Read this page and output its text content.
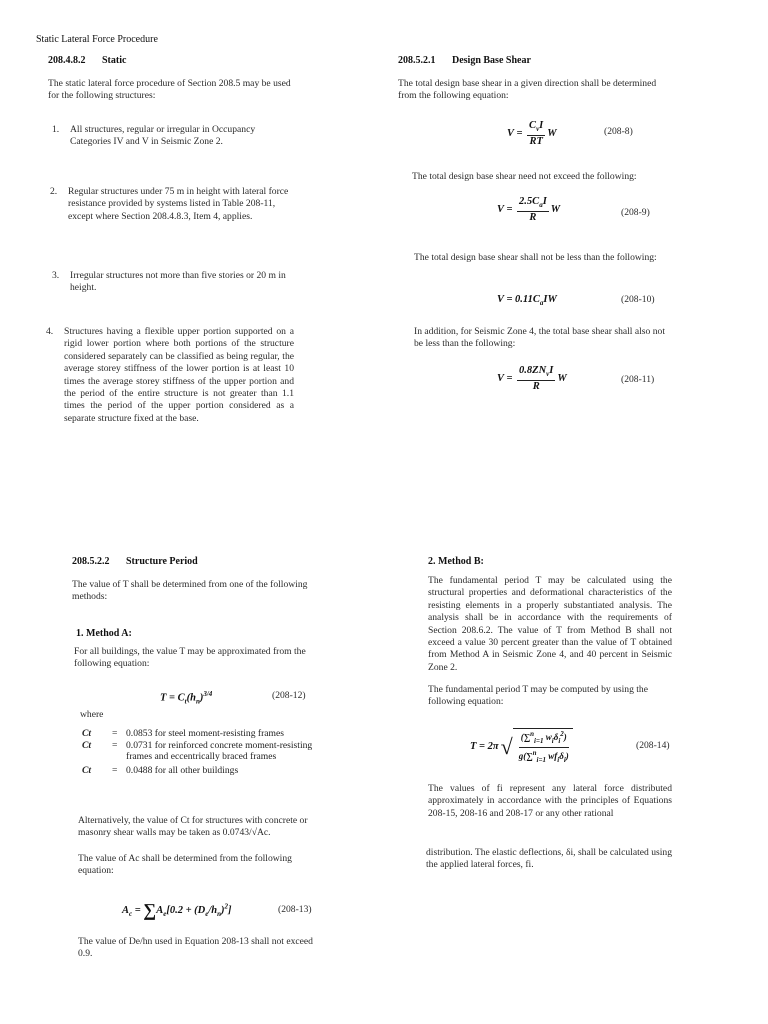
Static Lateral Force Procedure
208.4.8.2 Static
The static lateral force procedure of Section 208.5 may be used for the following structures:
1.	All structures, regular or irregular in Occupancy Categories IV and V in Seismic Zone 2.
2.	Regular structures under 75 m in height with lateral force resistance provided by systems listed in Table 208-11, except where Section 208.4.8.3, Item 4, applies.
3.	Irregular structures not more than five stories or 20 m in height.
4.	Structures having a flexible upper portion supported on a rigid lower portion where both portions of the structure considered separately can be classified as being regular, the average storey stiffness of the lower portion is at least 10 times the average storey stiffness of the upper portion and the period of the entire structure is not greater than 1.1 times the period of the upper portion considered as a separate structure fixed at the base.
208.5.2.1 Design Base Shear
The total design base shear in a given direction shall be determined from the following equation:
$V = \frac{C_vI}{RT}$ W	(208-8)
The total design base shear need not exceed the following:
$V = \frac{2.5C_aI}{R}$ W	(208-9)
The total design base shear shall not be less than the following:
$V = 0.11C_aIW$	(208-10)
In addition, for Seismic Zone 4, the total base shear shall also not be less than the following:
$V = \frac{0.8ZN_vI}{R}$ W	(208-11)
208.5.2.2 Structure Period
The value of T shall be determined from one of the following methods:
1. Method A:
For all buildings, the value T may be approximated from the following equation:
$T = C_t(h_n)^{3/4}$	(208-12)
where
Ct	= 0.0853 for steel moment-resisting frames
Ct	= 0.0731 for reinforced concrete moment-resisting frames and eccentrically braced frames
Ct	= 0.0488 for all other buildings
Alternatively, the value of Ct for structures with concrete or masonry shear walls may be taken as 0.0743/√Ac.
The value of Ac shall be determined from the following equation:
$A_c = \sum A_e[0.2 + (D_e/h_n)^2]$	(208-13)
The value of De/hn used in Equation 208-13 shall not exceed 0.9.
2. Method B:
The fundamental period T may be calculated using the structural properties and deformational characteristics of the resisting elements in a properly substantiated analysis. The analysis shall be in accordance with the requirements of Section 208.6.2. The value of T from Method B shall not exceed a value 30 percent greater than the value of T obtained from Method A in Seismic Zone 4, and 40 percent in Seismic Zone 2.
The fundamental period T may be computed by using the following equation:
T = 2π √ $\frac{(\sum^n_{i=1} w_i\delta_i^2)}{g(\sum^n_{i=1} wf_i\delta_i)}$	(208-14)
The values of fi represent any lateral force distributed approximately in accordance with the principles of Equations 208-15, 208-16 and 208-17 or any other rational
distribution. The elastic deflections, δi, shall be calculated using the applied lateral forces, fi.
